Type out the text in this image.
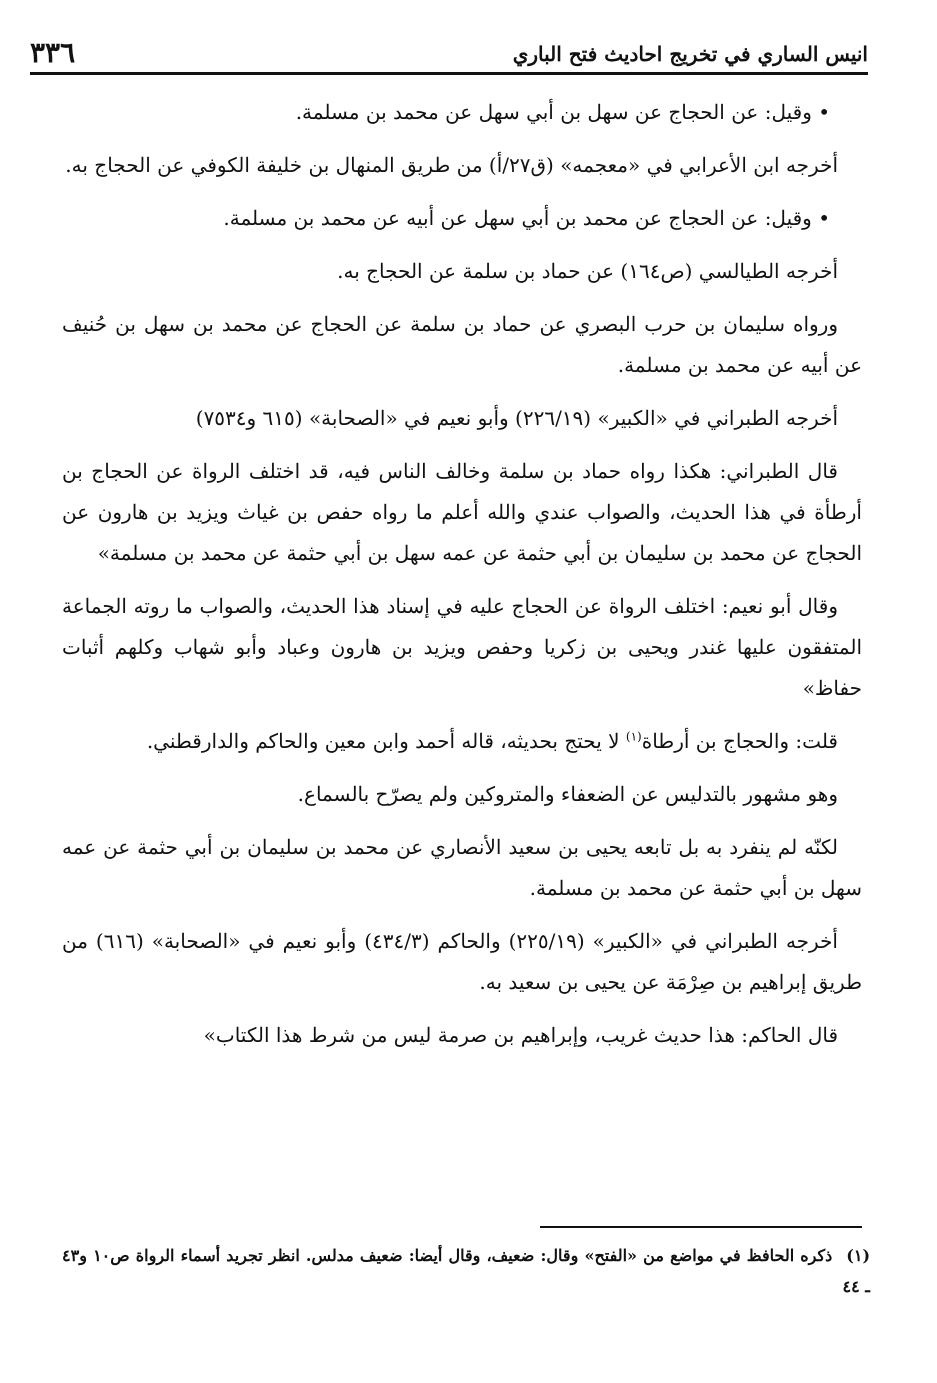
٣٣٦	انيس الساري في تخريج احاديث فتح الباري

• وقيل: عن الحجاج عن سهل بن أبي سهل عن محمد بن مسلمة.

أخرجه ابن الأعرابي في «معجمه» (ق٢٧/أ) من طريق المنهال بن خليفة الكوفي عن الحجاج به.

• وقيل: عن الحجاج عن محمد بن أبي سهل عن أبيه عن محمد بن مسلمة.

أخرجه الطيالسي (ص١٦٤) عن حماد بن سلمة عن الحجاج به.

ورواه سليمان بن حرب البصري عن حماد بن سلمة عن الحجاج عن محمد بن سهل بن حُنيف عن أبيه عن محمد بن مسلمة.

أخرجه الطبراني في «الكبير» (٢٢٦/١٩) وأبو نعيم في «الصحابة» (٦١٥ و٧٥٣٤)

قال الطبراني: هكذا رواه حماد بن سلمة وخالف الناس فيه، قد اختلف الرواة عن الحجاج بن أرطأة في هذا الحديث، والصواب عندي والله أعلم ما رواه حفص بن غياث ويزيد بن هارون عن الحجاج عن محمد بن سليمان بن أبي حثمة عن عمه سهل بن أبي حثمة عن محمد بن مسلمة»

وقال أبو نعيم: اختلف الرواة عن الحجاج عليه في إسناد هذا الحديث، والصواب ما روته الجماعة المتفقون عليها غندر ويحيى بن زكريا وحفص ويزيد بن هارون وعباد وأبو شهاب وكلهم أثبات حفاظ»

قلت: والحجاج بن أرطاة$^{(١)}$ لا يحتج بحديثه، قاله أحمد وابن معين والحاكم والدارقطني.

وهو مشهور بالتدليس عن الضعفاء والمتروكين ولم يصرّح بالسماع.

لكنّه لم ينفرد به بل تابعه يحيى بن سعيد الأنصاري عن محمد بن سليمان بن أبي حثمة عن عمه سهل بن أبي حثمة عن محمد بن مسلمة.

أخرجه الطبراني في «الكبير» (٢٢٥/١٩) والحاكم (٤٣٤/٣) وأبو نعيم في «الصحابة» (٦١٦) من طريق إبراهيم بن صِرْمَة عن يحيى بن سعيد به.

قال الحاكم: هذا حديث غريب، وإبراهيم بن صرمة ليس من شرط هذا الكتاب»

(١)ذكره الحافظ في مواضع من «الفتح» وقال: ضعيف، وقال أيضا: ضعيف مدلس. انظر تجريد أسماء الرواة ص١٠ و٤٣ ـ ٤٤
